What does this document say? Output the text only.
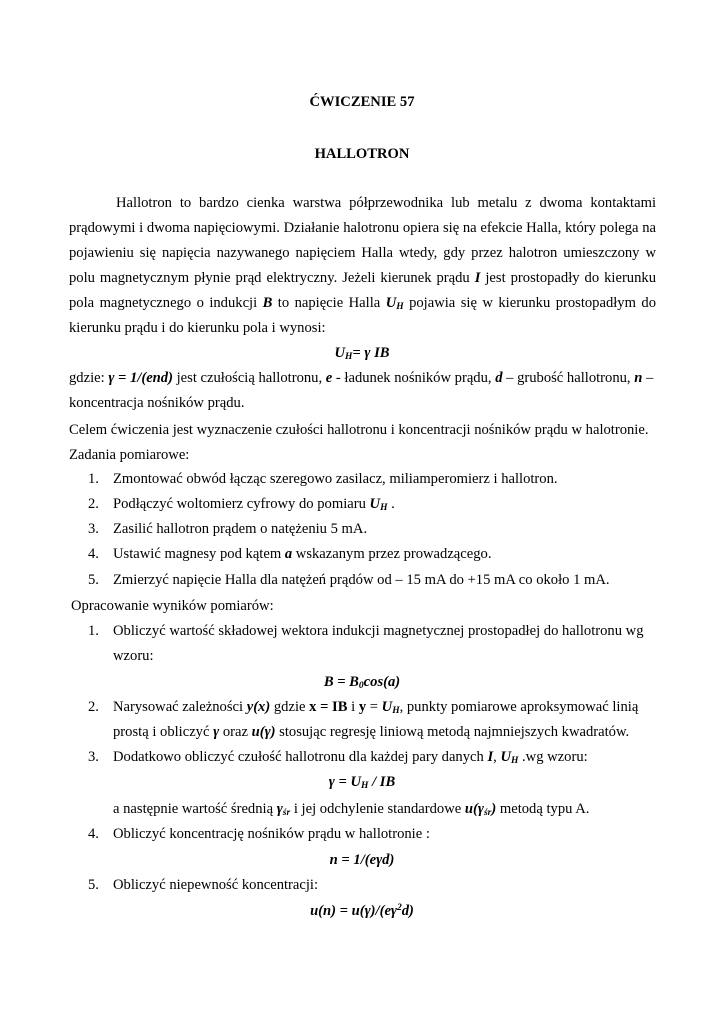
ĆWICZENIE 57
HALLOTRON
Hallotron to bardzo cienka warstwa półprzewodnika lub metalu z dwoma kontaktami prądowymi i dwoma napięciowymi. Działanie halotronu opiera się na efekcie Halla, który polega na pojawieniu się napięcia nazywanego napięciem Halla wtedy, gdy przez halotron umieszczony w polu magnetycznym płynie prąd elektryczny. Jeżeli kierunek prądu I jest prostopadły do kierunku pola magnetycznego o indukcji B to napięcie Halla $U_H$ pojawia się w kierunku prostopadłym do kierunku prądu i do kierunku pola i wynosi:
$U_H= \gamma$ IB
gdzie: γ = 1/(end) jest czułością hallotronu, e - ładunek nośników prądu, d – grubość hallotronu, n –
koncentracja nośników prądu.
Celem ćwiczenia jest wyznaczenie czułości hallotronu i koncentracji nośników prądu w halotronie.
Zadania pomiarowe:
1. Zmontować obwód łącząc szeregowo zasilacz, miliamperomierz i hallotron.
2. Podłączyć woltomierz cyfrowy do pomiaru $U_H$ .
3. Zasilić hallotron prądem o natężeniu 5 mA.
4. Ustawić magnesy pod kątem a wskazanym przez prowadzącego.
5. Zmierzyć napięcie Halla dla natężeń prądów od – 15 mA do +15 mA co około 1 mA.
Opracowanie wyników pomiarów:
1. Obliczyć wartość składowej wektora indukcji magnetycznej prostopadłej do hallotronu wg
wzoru:
$B = B_0\cos(a)$
2. Narysować zależności y(x) gdzie x = IB i $y = U_H$, punkty pomiarowe aproksymować linią
prostą i obliczyć γ oraz u(γ) stosując regresję liniową metodą najmniejszych kwadratów.
3. Dodatkowo obliczyć czułość hallotronu dla każdej pary danych I, $U_H$ .wg wzoru:
$\gamma = U_H$ / IB
a następnie wartość średnią $\gamma_{śr}$ i jej odchylenie standardowe $u(\gamma_{śr})$ metodą typu A.
4. Obliczyć koncentrację nośników prądu w hallotronie :
n = 1/(eγd)
5. Obliczyć niepewność koncentracji:
$u(n) = u(\gamma)/(e\gamma^2d)$
